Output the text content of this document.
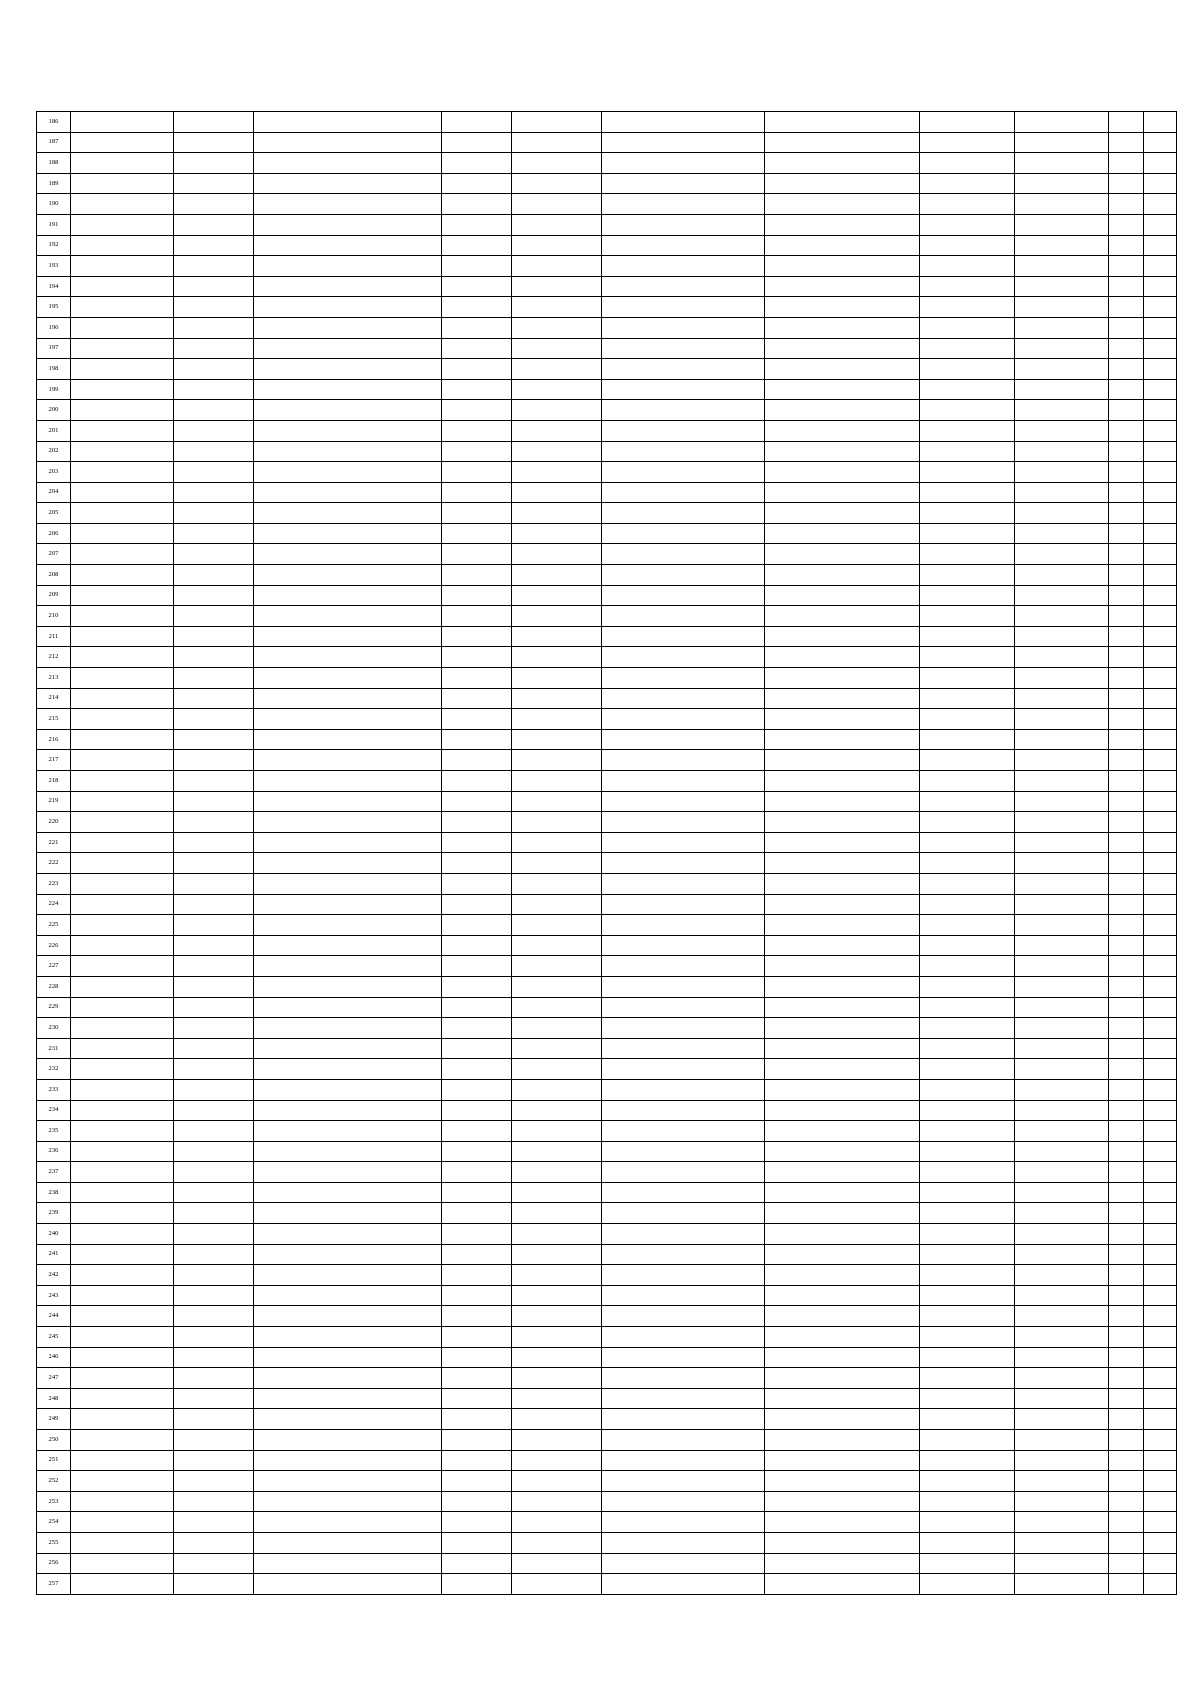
186											
187											
188											
189											
190											
191											
192											
193											
194											
195											
196											
197											
198											
199											
200											
201											
202											
203											
204											
205											
206											
207											
208											
209											
210											
211											
212											
213											
214											
215											
216											
217											
218											
219											
220											
221											
222											
223											
224											
225											
226											
227											
228											
229											
230											
231											
232											
233											
234											
235											
236											
237											
238											
239											
240											
241											
242											
243											
244											
245											
246											
247											
248											
249											
250											
251											
252											
253											
254											
255											
256											
257											
